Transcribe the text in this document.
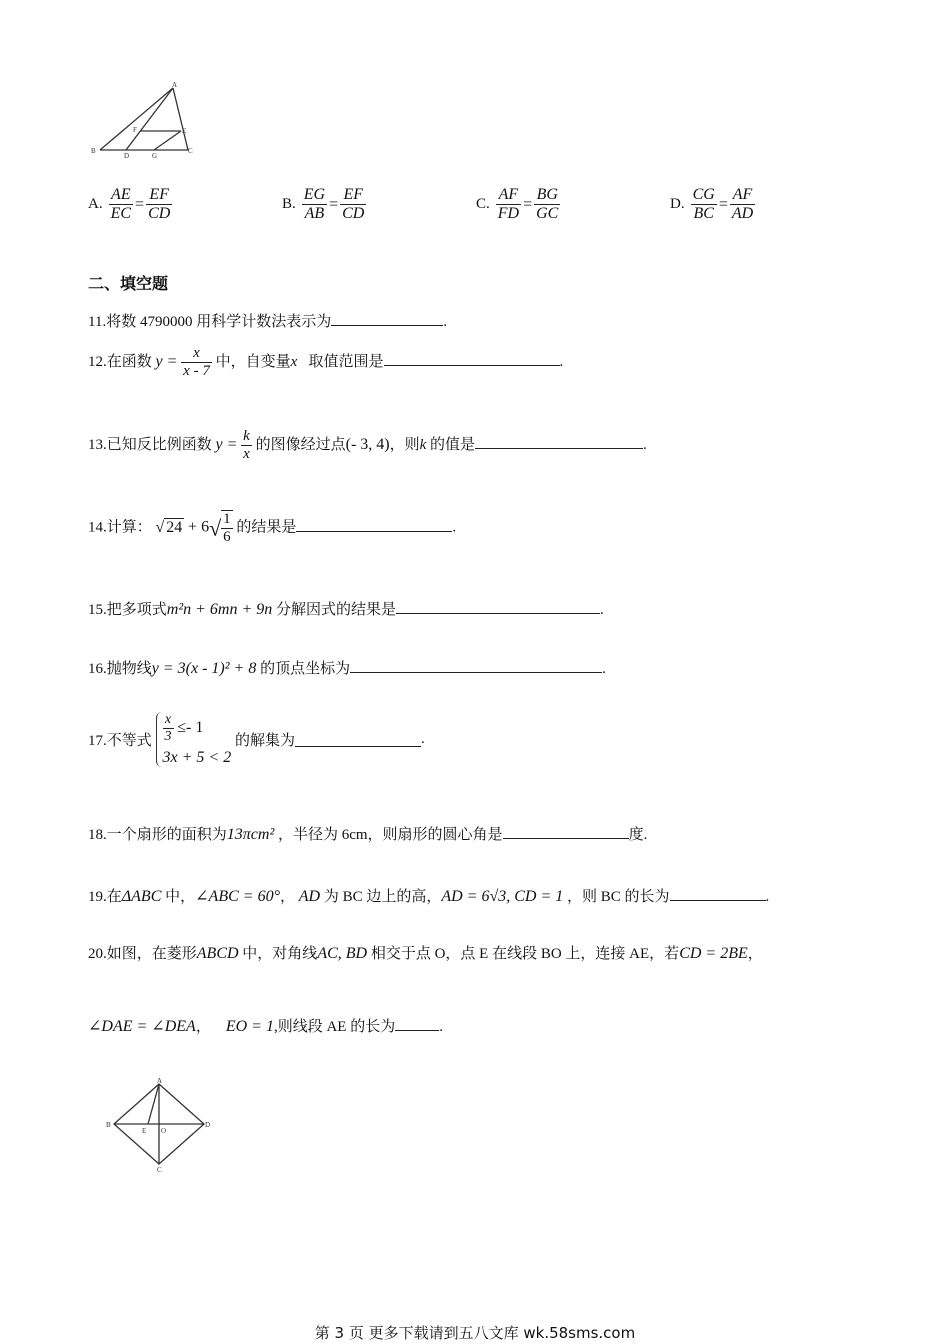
A
F	E
B
D	G
C
A. $\frac{AE}{EC} = \frac{EF}{CD}$	B. $\frac{EG}{AB} = \frac{EF}{CD}$	C. $\frac{AF}{FD} = \frac{BG}{GC}$	D. $\frac{CG}{BC} = \frac{AF}{AD}$
二、填空题
11.将数 4790000 用科学计数法表示为	.
12.在函数 $y = \frac{x}{x - 7}$ 中，自变量x 取值范围是	.
13.已知反比例函数 $y = \frac{k}{x}$ 的图像经过点(- 3, 4)，则k 的值是	.
14.计算： √ $24 + 6√ \frac{1}{6}$ 的结果是	.
15.把多项式m²n + 6mn + 9n 分解因式的结果是	.
16.抛物线y = 3(x - 1)² + 8 的顶点坐标为	.
17.不等式 $\frac{x}{3} \le- 1$
3x + 5 < 2
的解集为	.
18.一个扇形的面积为13πcm² ，半径为 6cm，则扇形的圆心角是	度.
19.在ΔABC 中，∠ABC = 60°， AD 为 BC 边上的高，AD = 6√3, CD = 1 ，则 BC 的长为	.
20.如图，在菱形ABCD 中，对角线AC, BD 相交于点 O，点 E 在线段 BO 上，连接 AE，若CD = 2BE，
∠DAE = ∠DEA， EO = 1,则线段 AE 的长为	.
A
B
E O
D
C
第 3 页 更多下载请到五八文库 wk.58sms.com
